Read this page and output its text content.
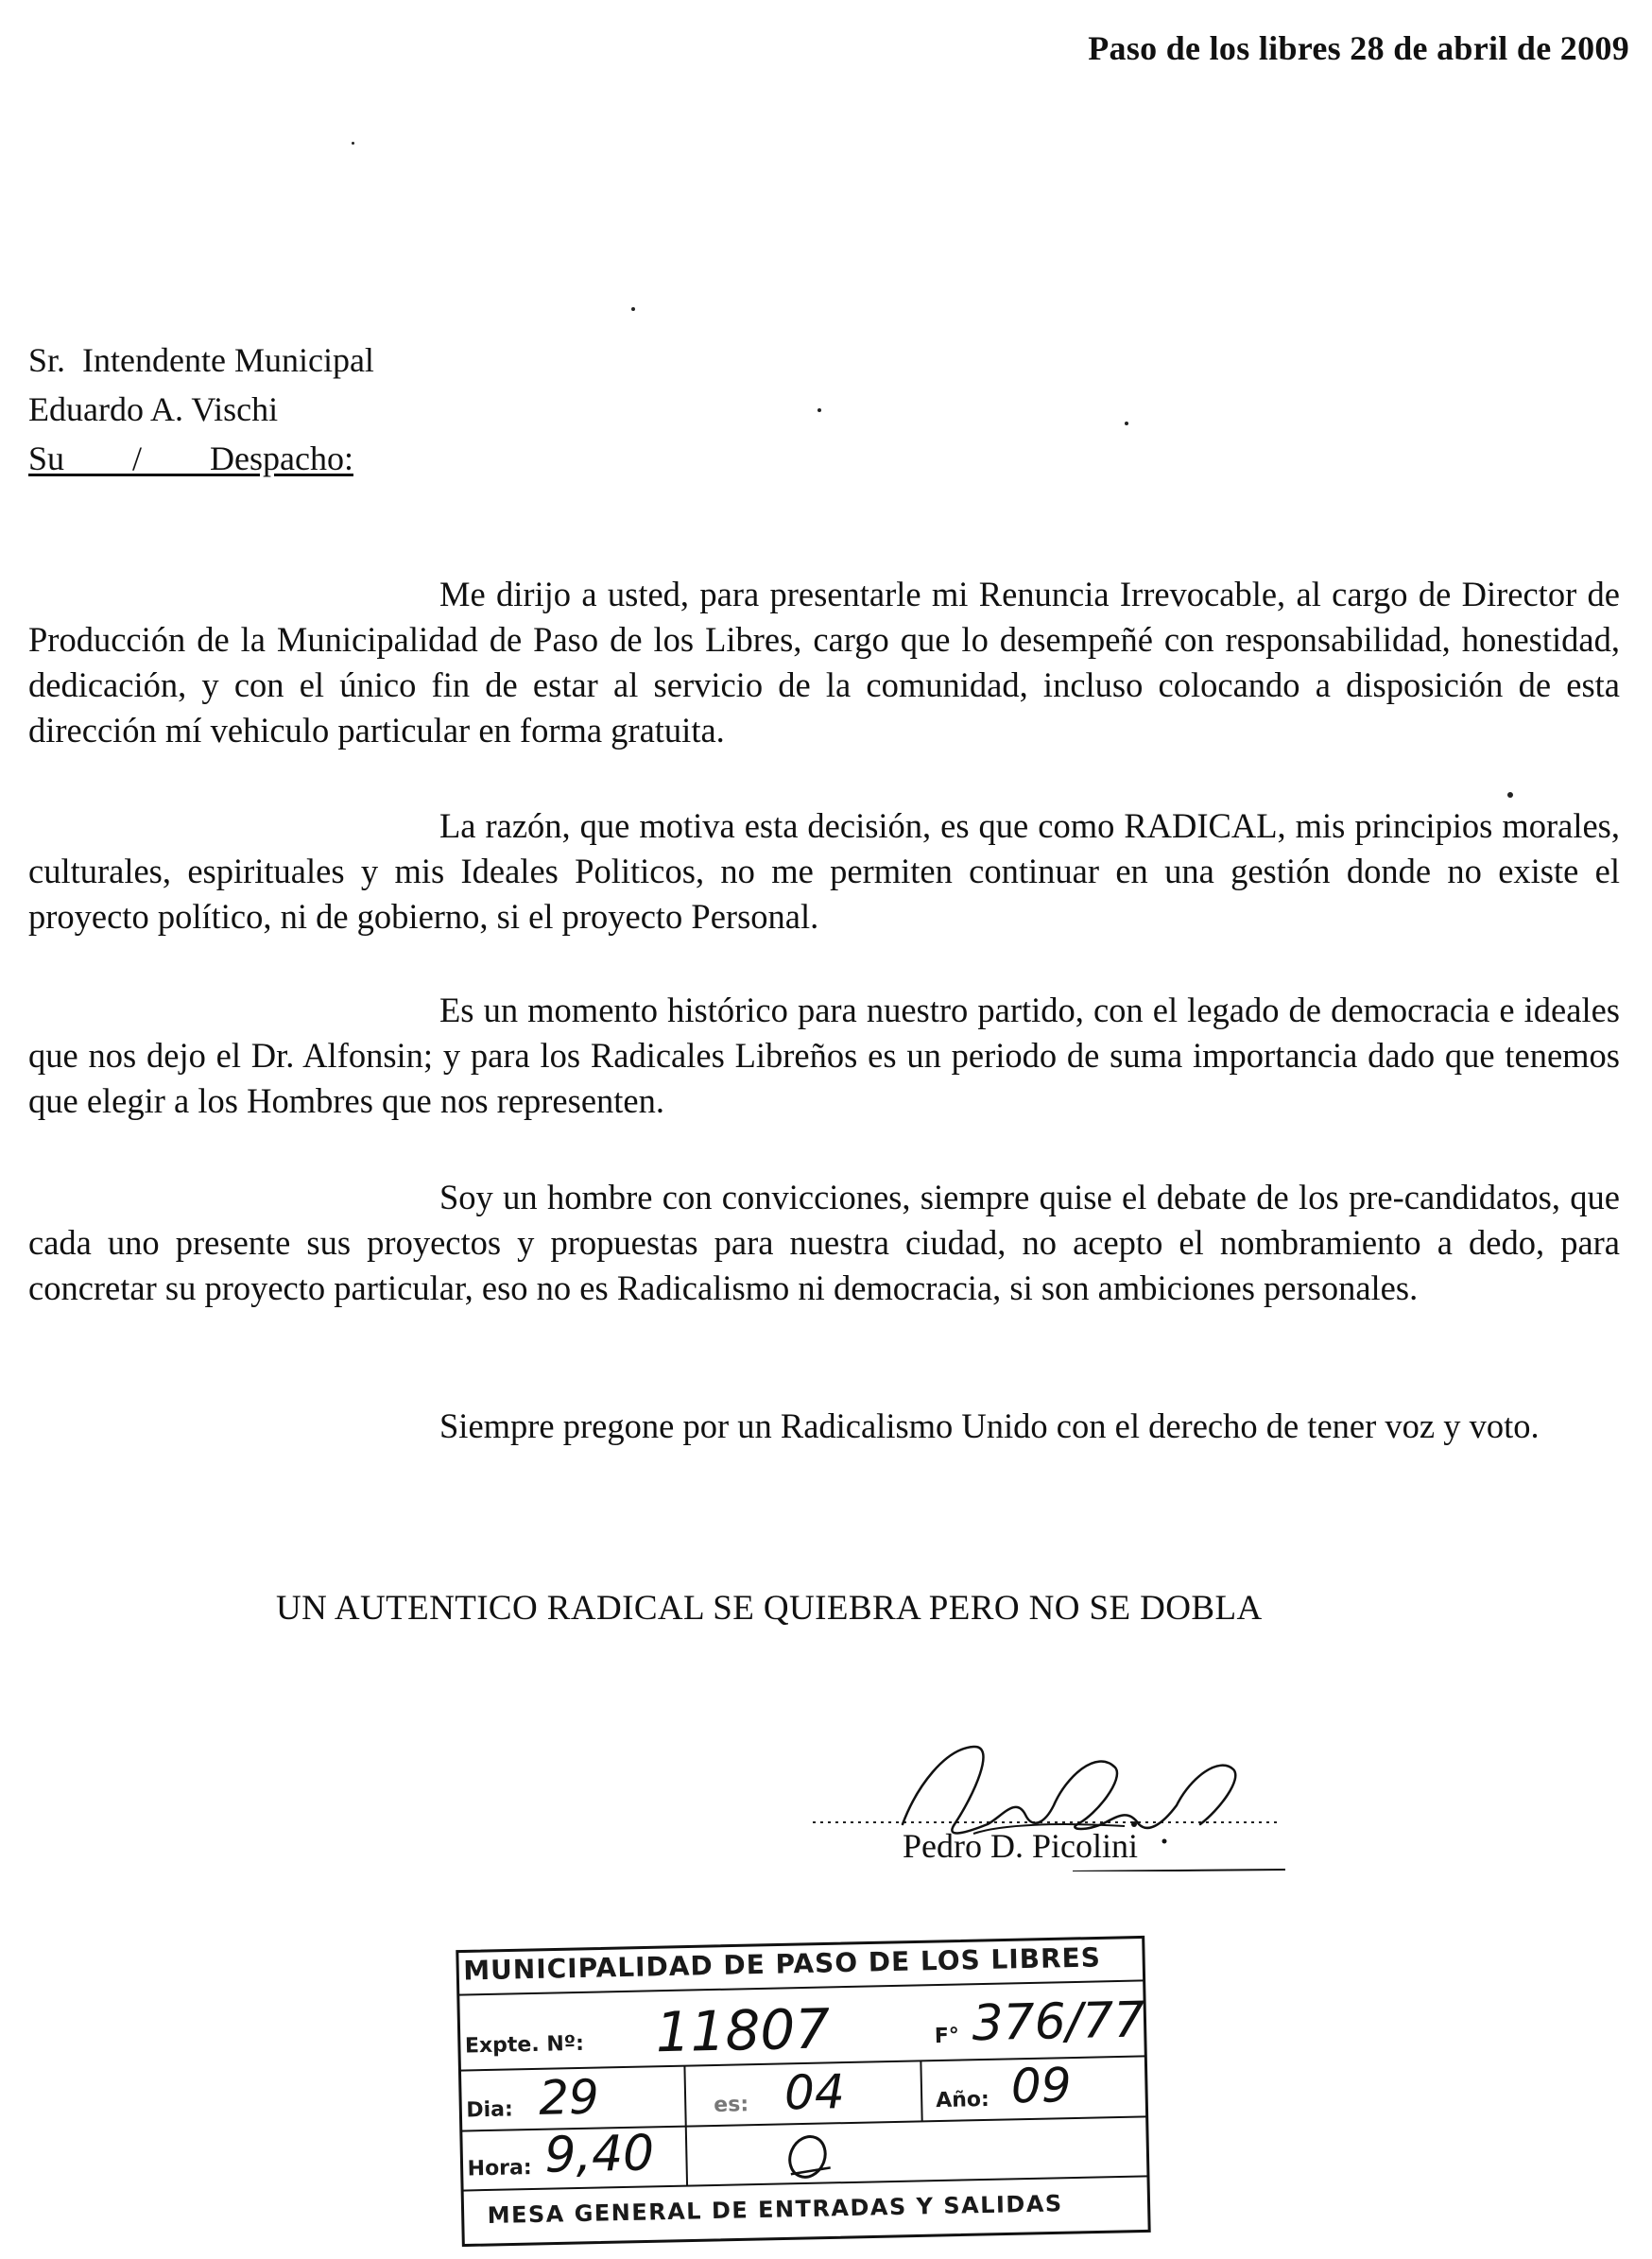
Paso de los libres 28 de abril de 2009
Sr.  Intendente Municipal
Eduardo A. Vischi
Su        /        Despacho:

Me dirijo a usted, para presentarle mi Renuncia Irrevocable, al cargo de Director de Producción de la Municipalidad de Paso de los Libres, cargo que lo desempeñé con responsabilidad, honestidad, dedicación, y con el único fin de estar al servicio de la comunidad, incluso colocando a disposición de esta dirección mí vehiculo particular en forma gratuita.

La razón, que motiva esta decisión, es que como RADICAL, mis principios morales, culturales, espirituales y mis Ideales Politicos, no me permiten continuar en una gestión donde no existe el proyecto político, ni de gobierno, si el proyecto Personal.

Es un momento histórico para nuestro partido, con el legado de democracia e ideales que nos dejo el Dr. Alfonsin; y para los Radicales Libreños es un periodo de suma importancia dado que tenemos que elegir a los Hombres que nos representen.

Soy un hombre con convicciones, siempre quise el debate de los pre-candidatos, que cada uno presente sus proyectos y propuestas para nuestra ciudad, no acepto el nombramiento a dedo, para concretar su proyecto particular, eso no es Radicalismo ni democracia, si son ambiciones personales.

Siempre pregone por un Radicalismo Unido con el derecho de tener voz y voto.

UN AUTENTICO RADICAL SE QUIEBRA PERO NO SE DOBLA
Pedro D. Picolini
MUNICIPALIDAD DE PASO DE LOS LIBRES
Expte. Nº: 11807	F° 376/77
Dia: 29	es: 04	Año: 09
Hora: 9,40
MESA GENERAL DE ENTRADAS Y SALIDAS
